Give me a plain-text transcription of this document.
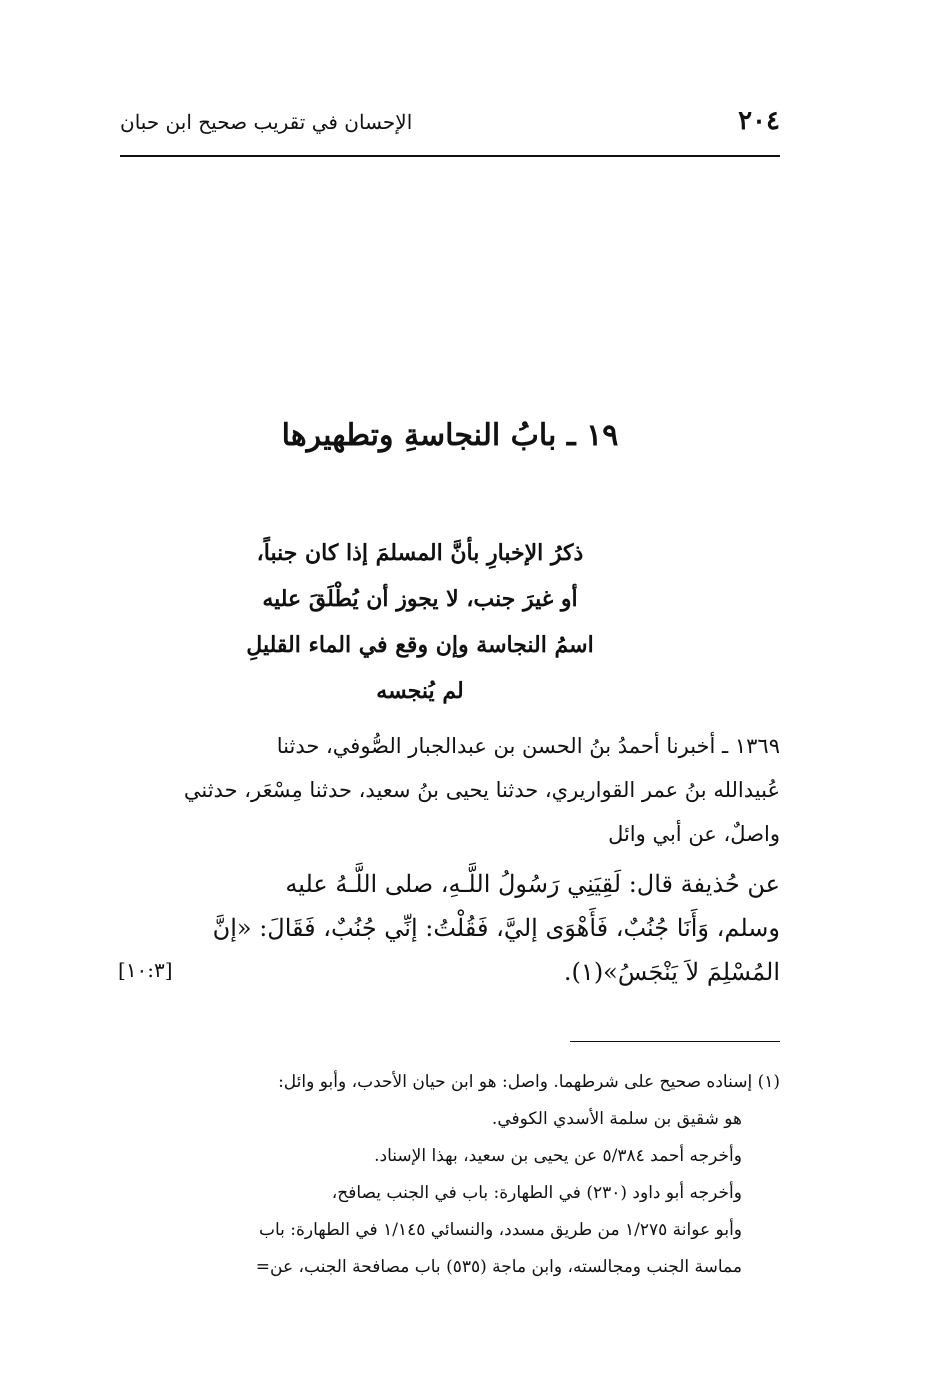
٢٠٤
الإحسان في تقريب صحيح ابن حبان
١٩ ـ بابُ النجاسةِ وتطهيرها
ذكرُ الإخبارِ بأنَّ المسلمَ إذا كان جنباً،
أو غيرَ جنب، لا يجوز أن يُطْلَقَ عليه
اسمُ النجاسة وإن وقع في الماء القليلِ
لم يُنجسه
١٣٦٩ ـ أخبرنا أحمدُ بنُ الحسن بن عبدالجبار الصُّوفي، حدثنا
عُبيدالله بنُ عمر القواريري، حدثنا يحيى بنُ سعيد، حدثنا مِسْعَر، حدثني
واصلٌ، عن أبي وائل
عن حُذيفة قال: لَقِيَنِي رَسُولُ اللَّـهِ، صلى اللَّـهُ عليه
وسلم، وَأَنَا جُنُبٌ، فَأَهْوَى إليَّ، فَقُلْتُ: إنِّي جُنُبٌ، فَقَالَ: «إنَّ
المُسْلِمَ لاَ يَنْجَسُ»(١).
[١٠:٣]
(١) إسناده صحيح على شرطهما. واصل: هو ابن حيان الأحدب، وأبو وائل:
هو شقيق بن سلمة الأسدي الكوفي.
وأخرجه أحمد ٥/٣٨٤ عن يحيى بن سعيد، بهذا الإسناد.
وأخرجه أبو داود (٢٣٠) في الطهارة: باب في الجنب يصافح،
وأبو عوانة ١/٢٧٥ من طريق مسدد، والنسائي ١/١٤٥ في الطهارة: باب
مماسة الجنب ومجالسته، وابن ماجة (٥٣٥) باب مصافحة الجنب، عن=
